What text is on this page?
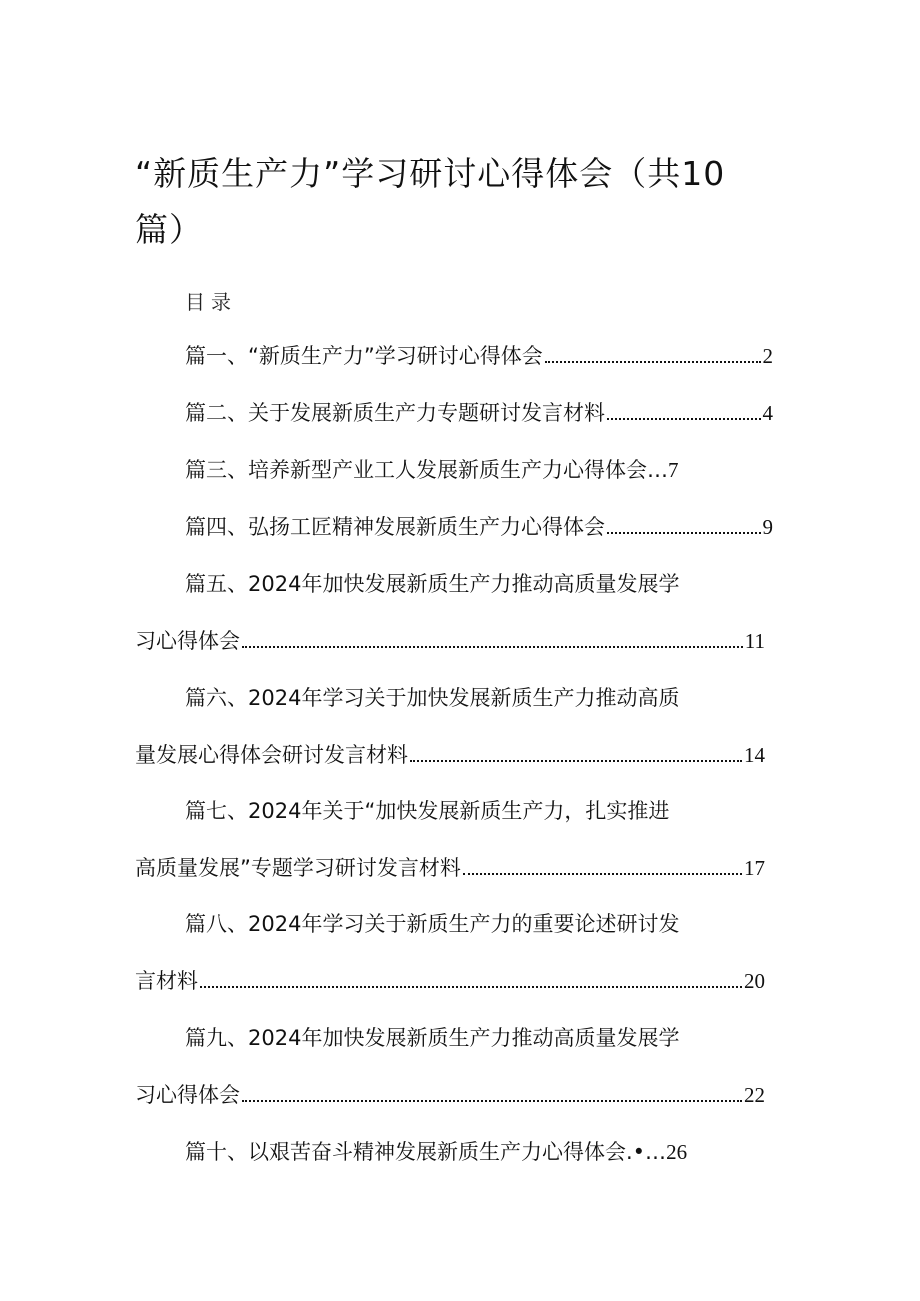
“新质生产力”学习研讨心得体会（共10篇）
目录
篇一、“新质生产力”学习研讨心得体会	2
篇二、关于发展新质生产力专题研讨发言材料	4
篇三、培养新型产业工人发展新质生产力心得体会… 7
篇四、弘扬工匠精神发展新质生产力心得体会	9
篇五、2024年加快发展新质生产力推动高质量发展学
习心得体会	11
篇六、2024年学习关于加快发展新质生产力推动高质
量发展心得体会研讨发言材料	14
篇七、2024年关于“加快发展新质生产力，扎实推进
高质量发展”专题学习研讨发言材料	17
篇八、2024年学习关于新质生产力的重要论述研讨发
言材料	20
篇九、2024年加快发展新质生产力推动高质量发展学
习心得体会	22
篇十、以艰苦奋斗精神发展新质生产力心得体会.•… 26
